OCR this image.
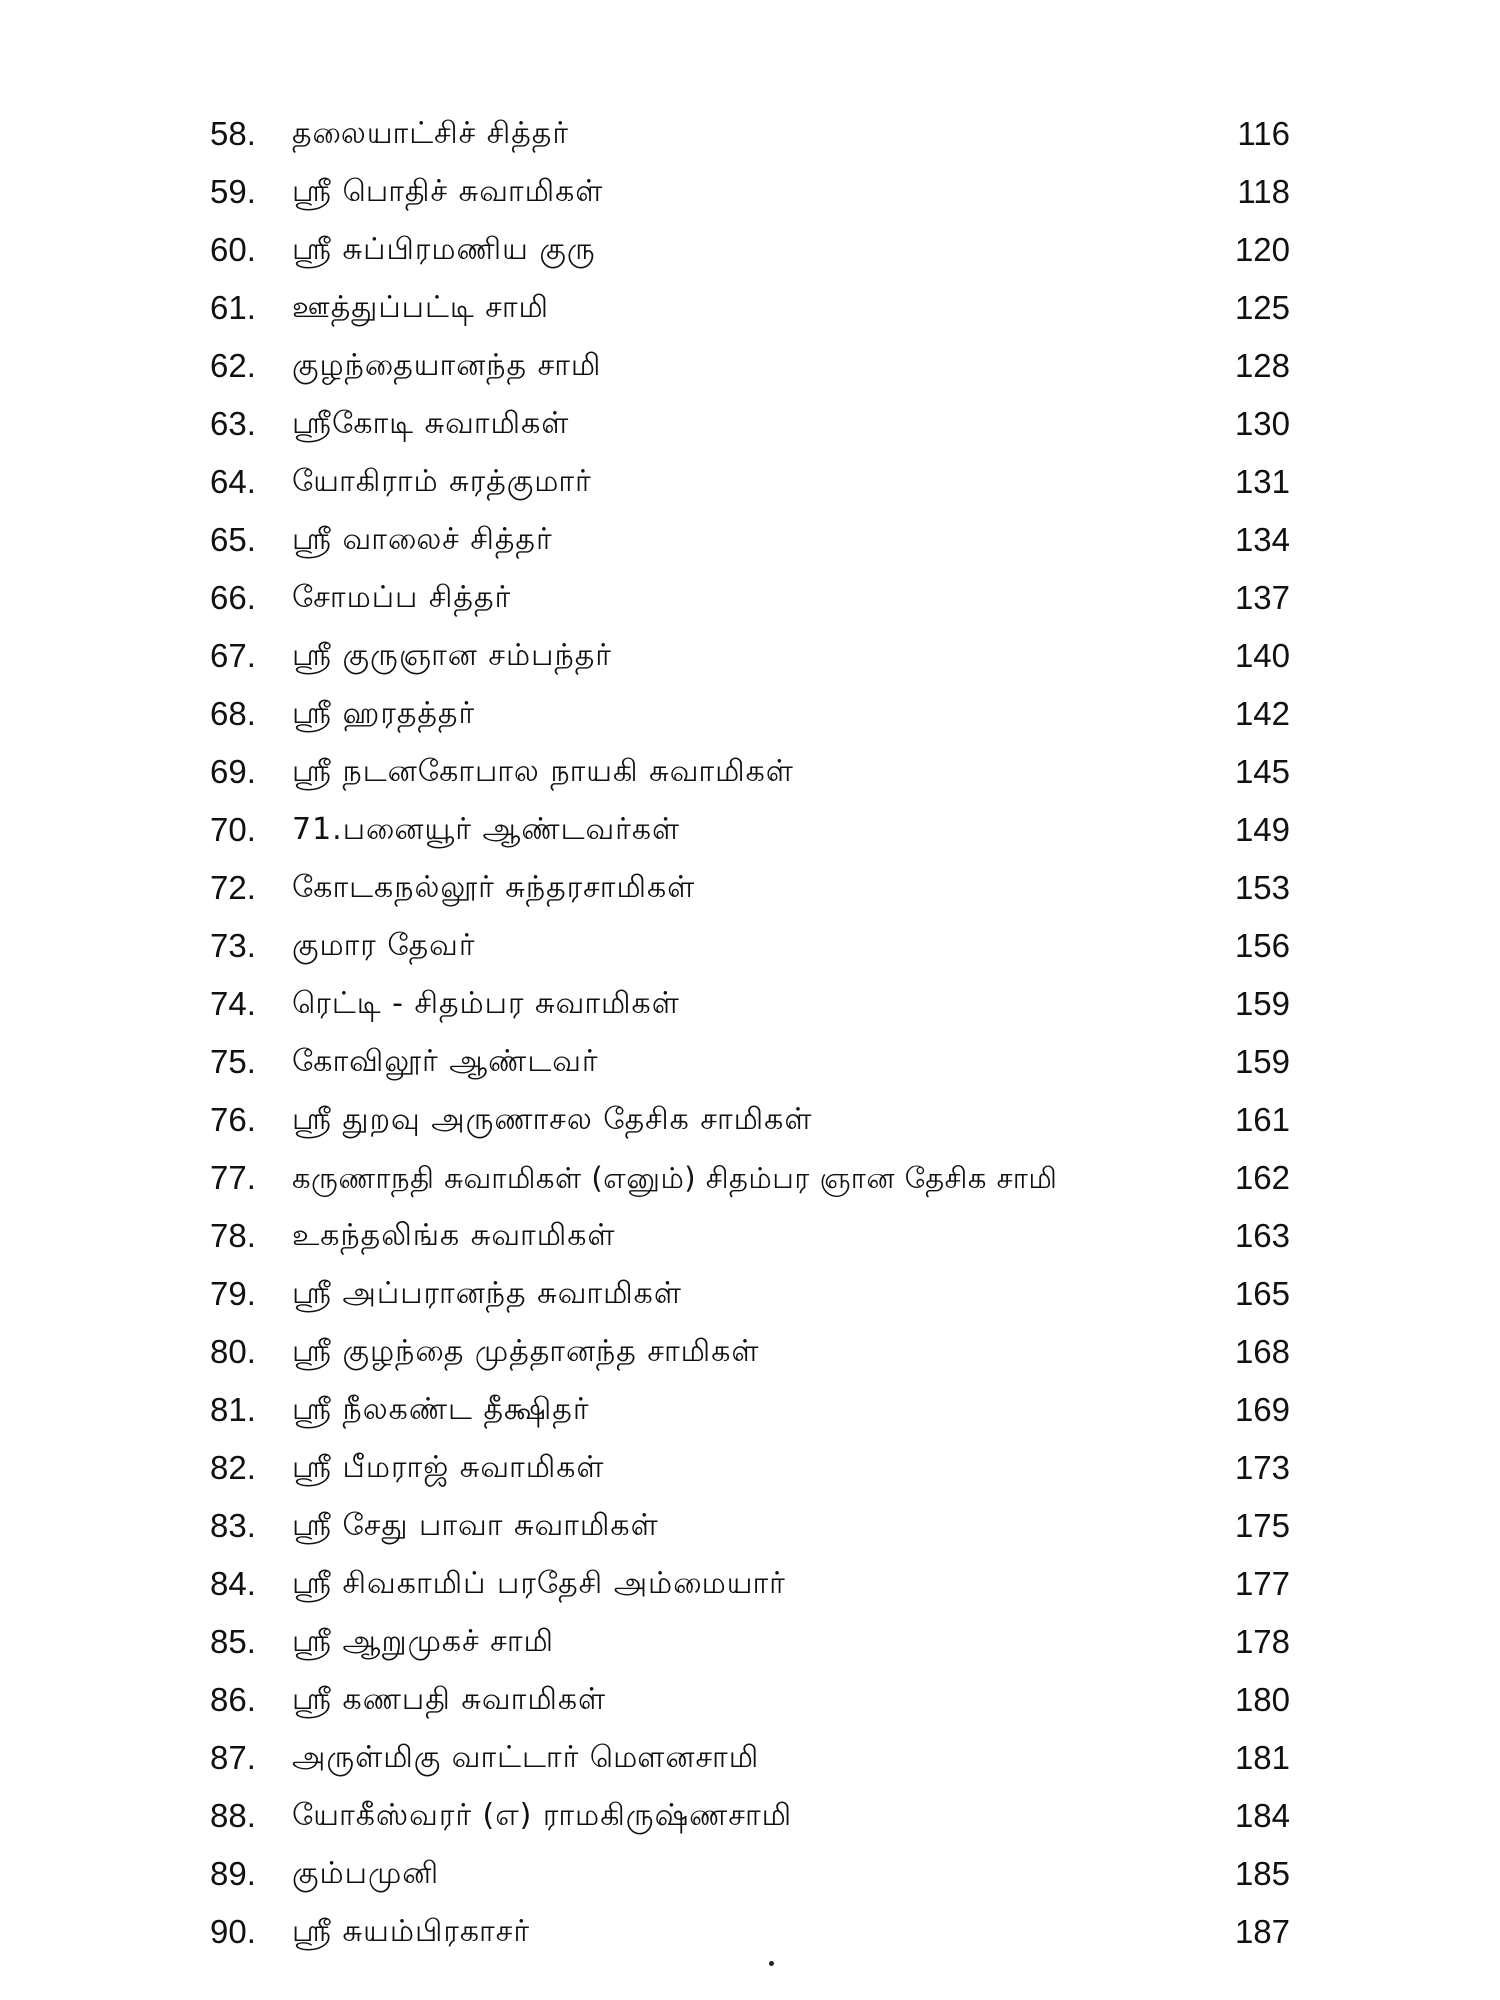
58. தலையாட்சிச் சித்தர்	116
59. ஸ்ரீ பொதிச் சுவாமிகள்	118
60. ஸ்ரீ சுப்பிரமணிய குரு	120
61. ஊத்துப்பட்டி சாமி	125
62. குழந்தையானந்த சாமி	128
63. ஸ்ரீகோடி சுவாமிகள்	130
64. யோகிராம் சுரத்குமார்	131
65. ஸ்ரீ வாலைச் சித்தர்	134
66. சோமப்ப சித்தர்	137
67. ஸ்ரீ குருஞான சம்பந்தர்	140
68. ஸ்ரீ ஹரதத்தர்	142
69. ஸ்ரீ நடனகோபால நாயகி சுவாமிகள்	145
70. 71.பனையூர் ஆண்டவர்கள்	149
72. கோடகநல்லூர் சுந்தரசாமிகள்	153
73. குமார தேவர்	156
74. ரெட்டி - சிதம்பர சுவாமிகள்	159
75. கோவிலூர் ஆண்டவர்	159
76. ஸ்ரீ துறவு அருணாசல தேசிக சாமிகள்	161
77. கருணாநதி சுவாமிகள் (எனும்) சிதம்பர ஞான தேசிக சாமி	162
78. உகந்தலிங்க சுவாமிகள்	163
79. ஸ்ரீ அப்பரானந்த சுவாமிகள்	165
80. ஸ்ரீ குழந்தை முத்தானந்த சாமிகள்	168
81. ஸ்ரீ நீலகண்ட தீக்ஷிதர்	169
82. ஸ்ரீ பீமராஜ் சுவாமிகள்	173
83. ஸ்ரீ சேது பாவா சுவாமிகள்	175
84. ஸ்ரீ சிவகாமிப் பரதேசி அம்மையார்	177
85. ஸ்ரீ ஆறுமுகச் சாமி	178
86. ஸ்ரீ கணபதி சுவாமிகள்	180
87. அருள்மிகு வாட்டார் மௌனசாமி	181
88. யோகீஸ்வரர் (எ) ராமகிருஷ்ணசாமி	184
89. கும்பமுனி	185
90. ஸ்ரீ சுயம்பிரகாசர்	187
